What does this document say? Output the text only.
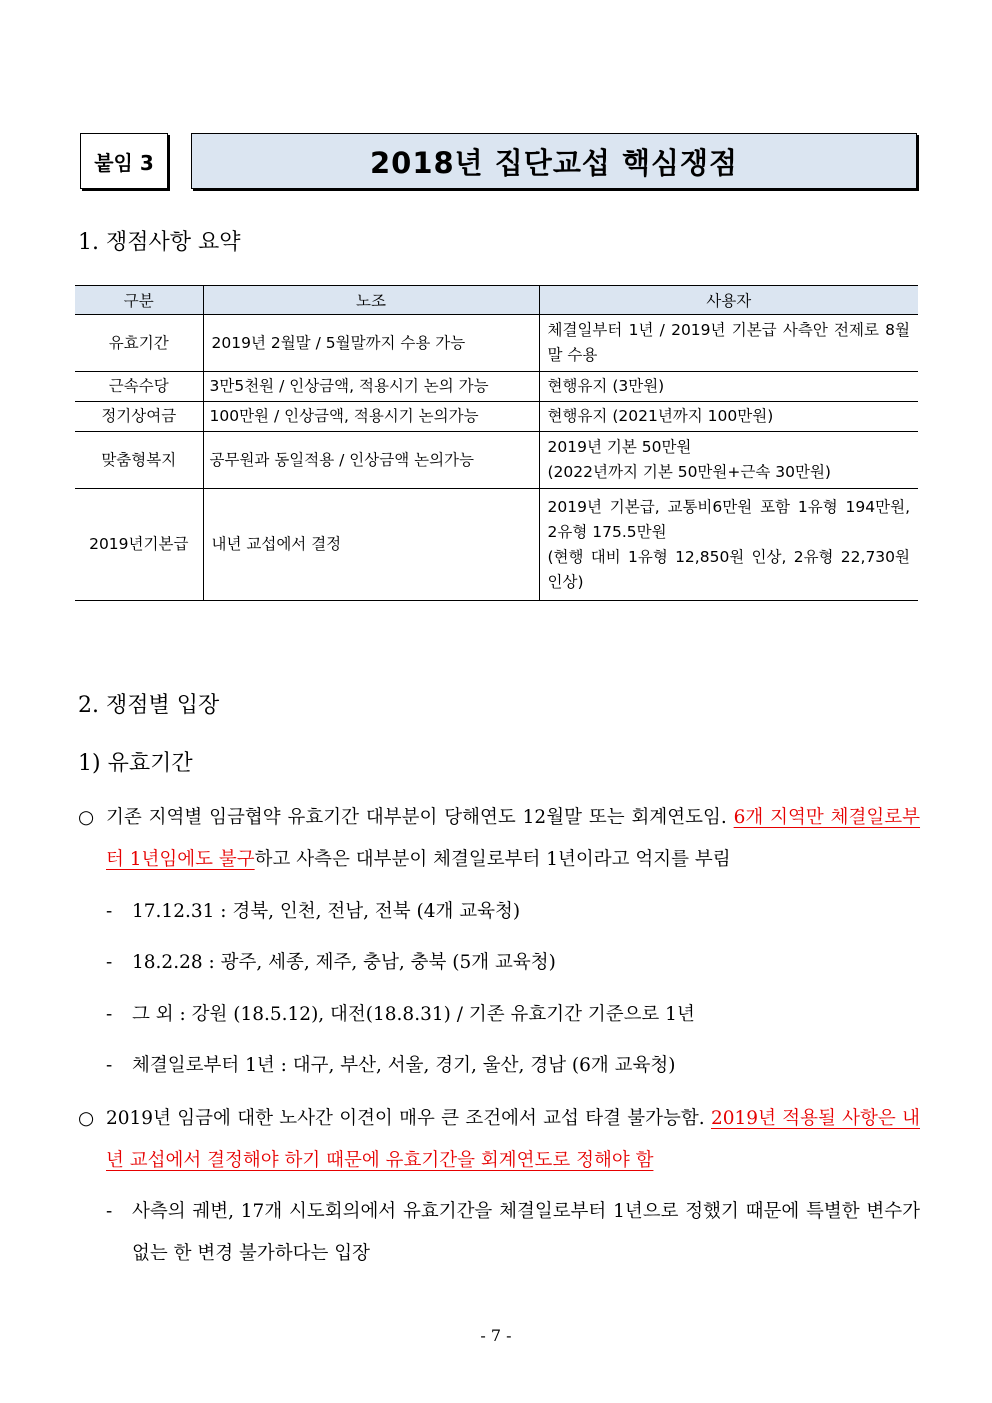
붙임 3	2018년 집단교섭 핵심쟁점
1. 쟁점사항 요약
구분	노조	사용자
유효기간	2019년 2월말 / 5월말까지 수용 가능	체결일부터 1년 / 2019년 기본급 사측안 전제로 8월말 수용
근속수당	3만5천원 / 인상금액, 적용시기 논의 가능	현행유지 (3만원)
정기상여금	100만원 / 인상금액, 적용시기 논의가능	현행유지 (2021년까지 100만원)
맞춤형복지	공무원과 동일적용 / 인상금액 논의가능	2019년 기본 50만원
(2022년까지 기본 50만원+근속 30만원)
2019년기본급	내년 교섭에서 결정	2019년 기본급, 교통비6만원 포함 1유형 194만원, 2유형 175.5만원
(현행 대비 1유형 12,850원 인상, 2유형 22,730원 인상)
2. 쟁점별 입장
1) 유효기간
○ 기존 지역별 임금협약 유효기간 대부분이 당해연도 12월말 또는 회계연도임. 6개 지역만 체결일로부터 1년임에도 불구하고 사측은 대부분이 체결일로부터 1년이라고 억지를 부림
-	17.12.31 : 경북, 인천, 전남, 전북 (4개 교육청)
-	18.2.28 : 광주, 세종, 제주, 충남, 충북 (5개 교육청)
-	그 외 : 강원 (18.5.12), 대전(18.8.31) / 기존 유효기간 기준으로 1년
-	체결일로부터 1년 : 대구, 부산, 서울, 경기, 울산, 경남 (6개 교육청)
○ 2019년 임금에 대한 노사간 이견이 매우 큰 조건에서 교섭 타결 불가능함. 2019년 적용될 사항은 내년 교섭에서 결정해야 하기 때문에 유효기간을 회계연도로 정해야 함
-	사측의 궤변, 17개 시도회의에서 유효기간을 체결일로부터 1년으로 정했기 때문에 특별한 변수가 없는 한 변경 불가하다는 입장
- 7 -
